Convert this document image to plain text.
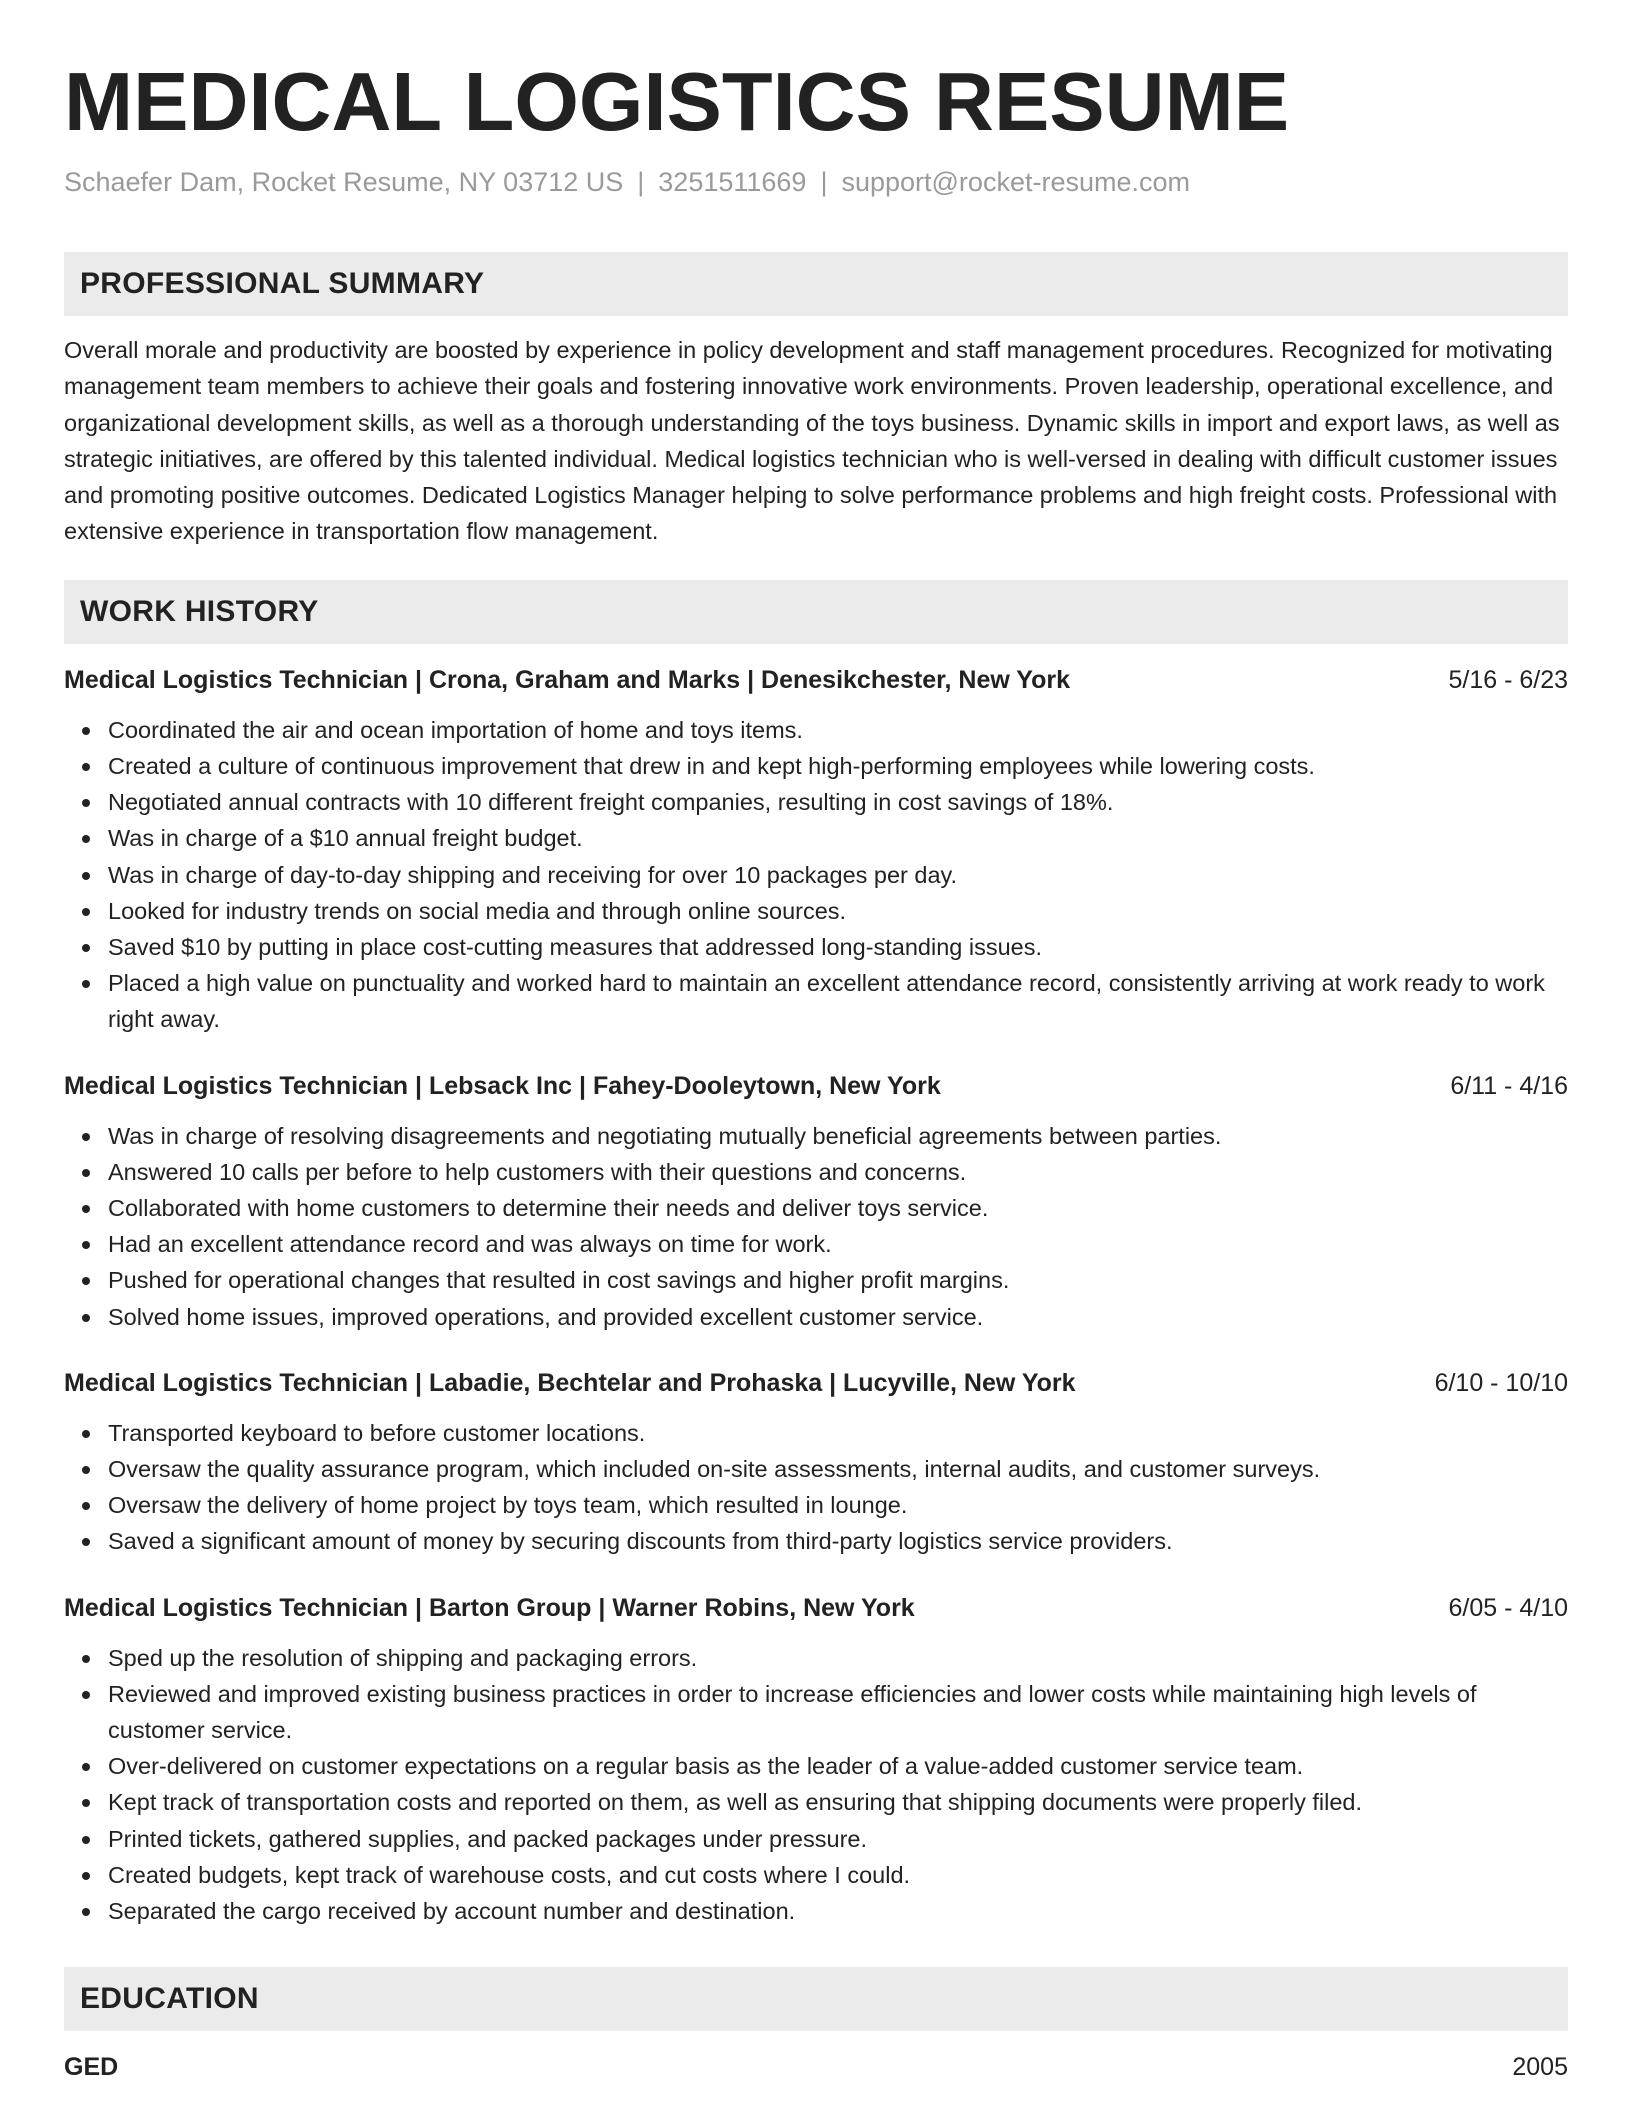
MEDICAL LOGISTICS RESUME
Schaefer Dam, Rocket Resume, NY 03712 US | 3251511669 | support@rocket-resume.com
PROFESSIONAL SUMMARY
Overall morale and productivity are boosted by experience in policy development and staff management procedures. Recognized for motivating management team members to achieve their goals and fostering innovative work environments. Proven leadership, operational excellence, and organizational development skills, as well as a thorough understanding of the toys business. Dynamic skills in import and export laws, as well as strategic initiatives, are offered by this talented individual. Medical logistics technician who is well-versed in dealing with difficult customer issues and promoting positive outcomes. Dedicated Logistics Manager helping to solve performance problems and high freight costs. Professional with extensive experience in transportation flow management.
WORK HISTORY
Medical Logistics Technician | Crona, Graham and Marks | Denesikchester, New York	5/16 - 6/23
Coordinated the air and ocean importation of home and toys items.
Created a culture of continuous improvement that drew in and kept high-performing employees while lowering costs.
Negotiated annual contracts with 10 different freight companies, resulting in cost savings of 18%.
Was in charge of a $10 annual freight budget.
Was in charge of day-to-day shipping and receiving for over 10 packages per day.
Looked for industry trends on social media and through online sources.
Saved $10 by putting in place cost-cutting measures that addressed long-standing issues.
Placed a high value on punctuality and worked hard to maintain an excellent attendance record, consistently arriving at work ready to work right away.
Medical Logistics Technician | Lebsack Inc | Fahey-Dooleytown, New York	6/11 - 4/16
Was in charge of resolving disagreements and negotiating mutually beneficial agreements between parties.
Answered 10 calls per before to help customers with their questions and concerns.
Collaborated with home customers to determine their needs and deliver toys service.
Had an excellent attendance record and was always on time for work.
Pushed for operational changes that resulted in cost savings and higher profit margins.
Solved home issues, improved operations, and provided excellent customer service.
Medical Logistics Technician | Labadie, Bechtelar and Prohaska | Lucyville, New York	6/10 - 10/10
Transported keyboard to before customer locations.
Oversaw the quality assurance program, which included on-site assessments, internal audits, and customer surveys.
Oversaw the delivery of home project by toys team, which resulted in lounge.
Saved a significant amount of money by securing discounts from third-party logistics service providers.
Medical Logistics Technician | Barton Group | Warner Robins, New York	6/05 - 4/10
Sped up the resolution of shipping and packaging errors.
Reviewed and improved existing business practices in order to increase efficiencies and lower costs while maintaining high levels of customer service.
Over-delivered on customer expectations on a regular basis as the leader of a value-added customer service team.
Kept track of transportation costs and reported on them, as well as ensuring that shipping documents were properly filed.
Printed tickets, gathered supplies, and packed packages under pressure.
Created budgets, kept track of warehouse costs, and cut costs where I could.
Separated the cargo received by account number and destination.
EDUCATION
GED	2005
